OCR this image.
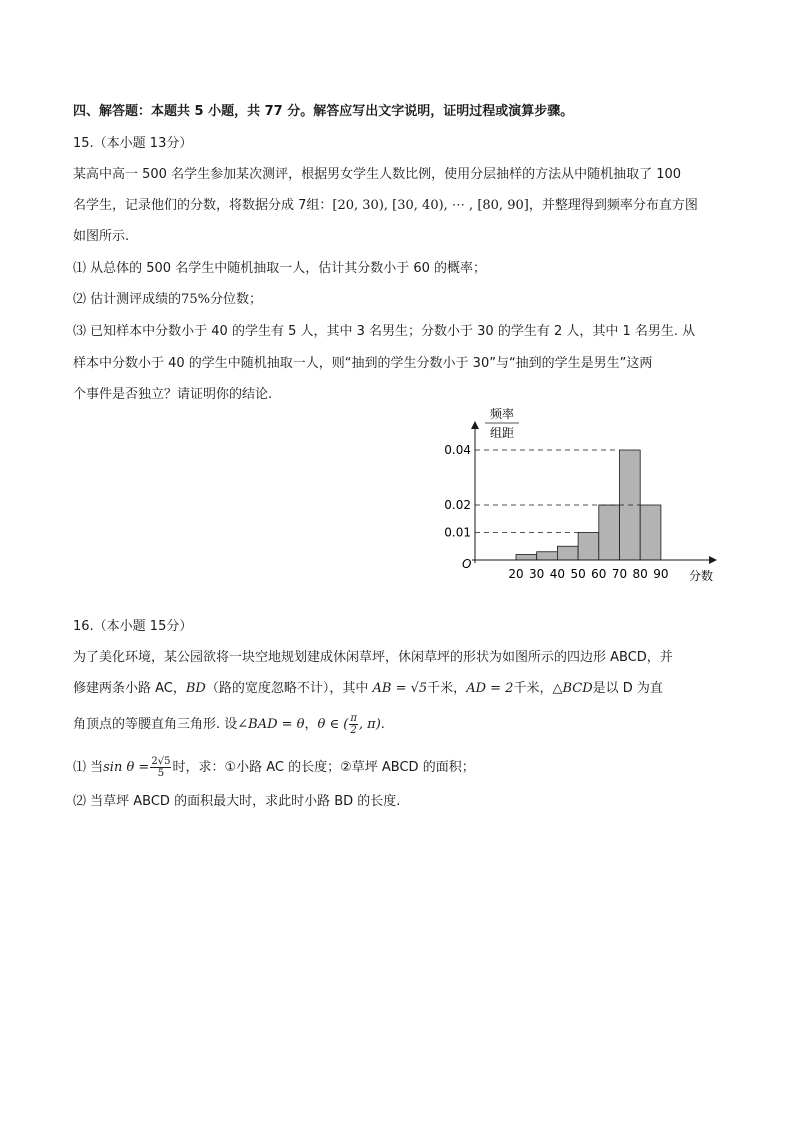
四、解答题：本题共 5 小题，共 77 分。解答应写出文字说明，证明过程或演算步骤。
15.（本小题 13分）
某高中高一 500 名学生参加某次测评，根据男女学生人数比例，使用分层抽样的方法从中随机抽取了 100
名学生，记录他们的分数，将数据分成 7组：[20, 30), [30, 40), ⋯ , [80, 90]，并整理得到频率分布直方图
如图所示.
⑴ 从总体的 500 名学生中随机抽取一人，估计其分数小于 60 的概率；
⑵ 估计测评成绩的75%分位数；
⑶ 已知样本中分数小于 40 的学生有 5 人，其中 3 名男生；分数小于 30 的学生有 2 人，其中 1 名男生. 从
样本中分数小于 40 的学生中随机抽取一人，则“抽到的学生分数小于 30”与“抽到的学生是男生”这两
个事件是否独立？请证明你的结论.
频率
组距
O
分数
0.04
0.02
0.01
20 30 40 50 60 70 80 90
16.（本小题 15分）
为了美化环境，某公园欲将一块空地规划建成休闲草坪，休闲草坪的形状为如图所示的四边形 ABCD，并
修建两条小路 AC，BD（路的宽度忽略不计），其中 AB = √5千米，AD = 2千米，△BCD是以 D 为直
角顶点的等腰直角三角形. 设∠BAD = θ，θ ∈ ( $\frac{\pi}{2}$ , π).
⑴ 当$\sin \theta = \frac{2√5}{5}$ 时，求：①小路 AC 的长度；②草坪 ABCD 的面积；
⑵ 当草坪 ABCD 的面积最大时，求此时小路 BD 的长度.
